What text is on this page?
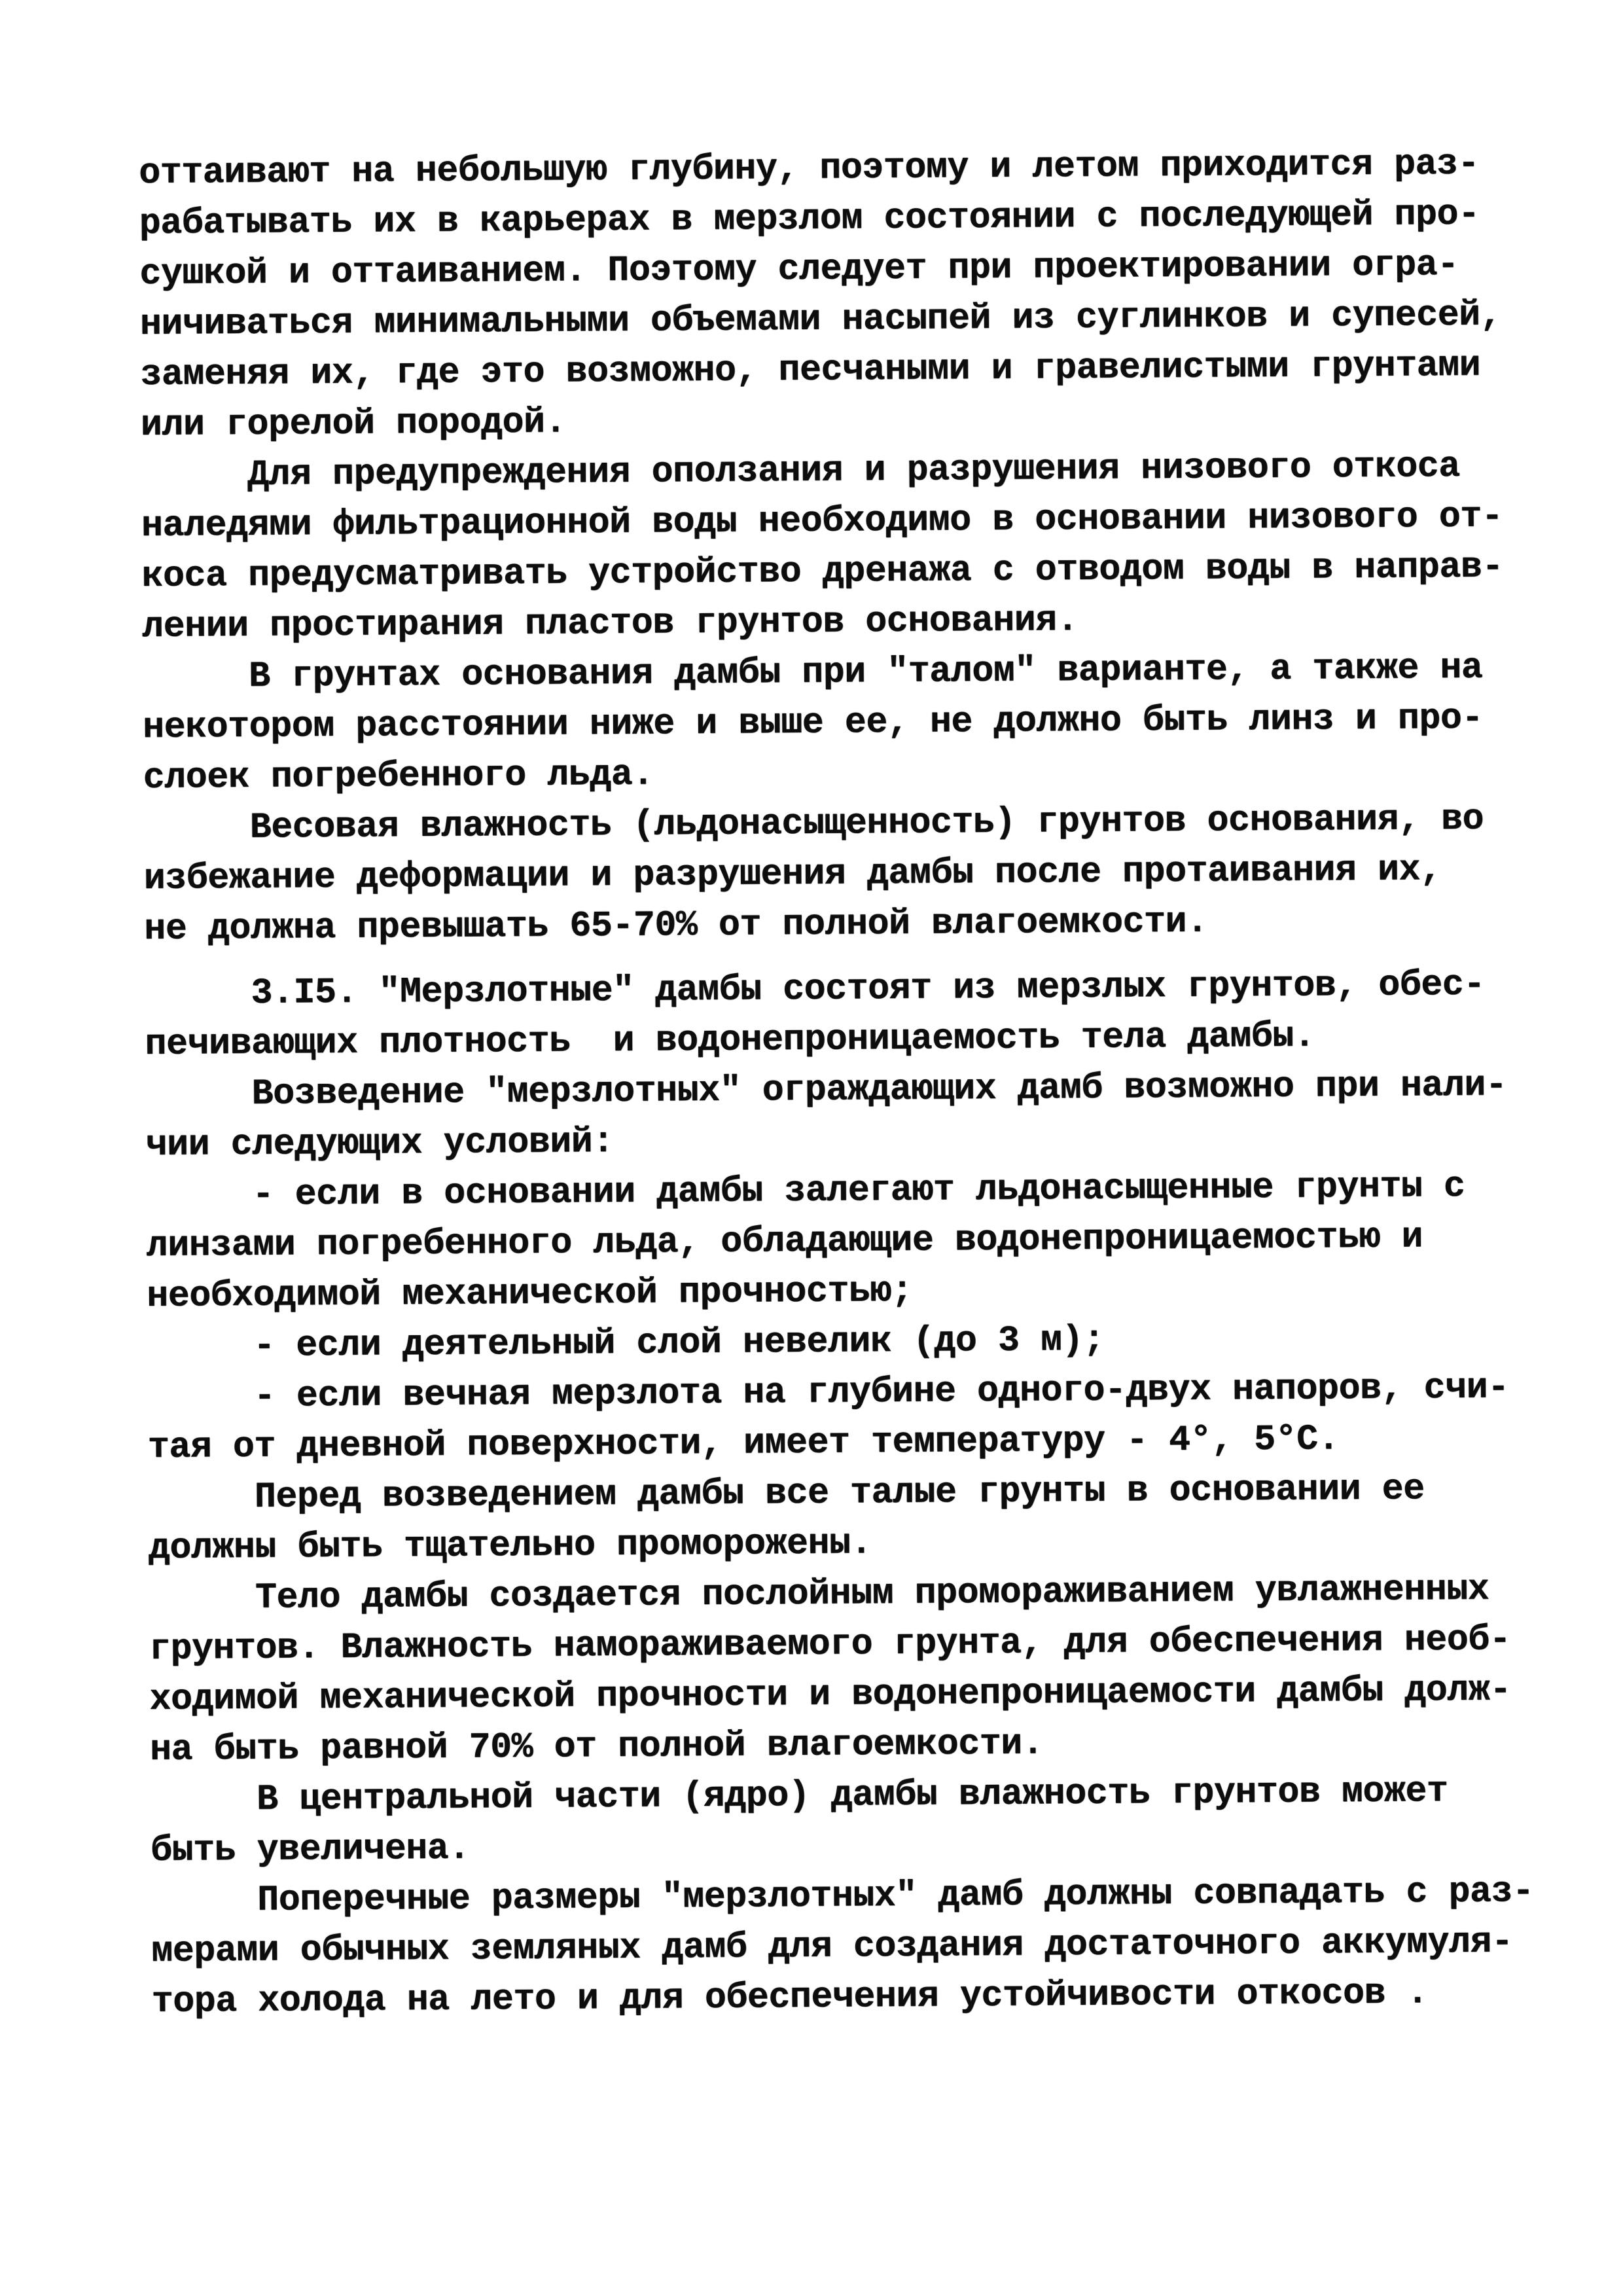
оттаивают на небольшую глубину, поэтому и летом приходится раз-
рабатывать их в карьерах в мерзлом состоянии с последующей про-
сушкой и оттаиванием. Поэтому следует при проектировании огра-
ничиваться минимальными объемами насыпей из суглинков и супесей,
заменяя их, где это возможно, песчаными и гравелистыми грунтами
или горелой породой.
Для предупреждения оползания и разрушения низового откоса
наледями фильтрационной воды необходимо в основании низового от-
коса предусматривать устройство дренажа с отводом воды в направ-
лении простирания пластов грунтов основания.
В грунтах основания дамбы при "талом" варианте, а также на
некотором расстоянии ниже и выше ее, не должно быть линз и про-
слоек погребенного льда.
Весовая влажность (льдонасыщенность) грунтов основания, во
избежание деформации и разрушения дамбы после протаивания их,
не должна превышать 65-70% от полной влагоемкости.
3.I5. "Мерзлотные" дамбы состоят из мерзлых грунтов, обес-
печивающих плотность  и водонепроницаемость тела дамбы.
Возведение "мерзлотных" ограждающих дамб возможно при нали-
чии следующих условий:
- если в основании дамбы залегают льдонасыщенные грунты с
линзами погребенного льда, обладающие водонепроницаемостью и
необходимой механической прочностью;
- если деятельный слой невелик (до 3 м);
- если вечная мерзлота на глубине одного-двух напоров, счи-
тая от дневной поверхности, имеет температуру - 4°, 5°С.
Перед возведением дамбы все талые грунты в основании ее
должны быть тщательно проморожены.
Тело дамбы создается послойным промораживанием увлажненных
грунтов. Влажность намораживаемого грунта, для обеспечения необ-
ходимой механической прочности и водонепроницаемости дамбы долж-
на быть равной 70% от полной влагоемкости.
В центральной части (ядро) дамбы влажность грунтов может
быть увеличена.
Поперечные размеры "мерзлотных" дамб должны совпадать с раз-
мерами обычных земляных дамб для создания достаточного аккумуля-
тора холода на лето и для обеспечения устойчивости откосов .
